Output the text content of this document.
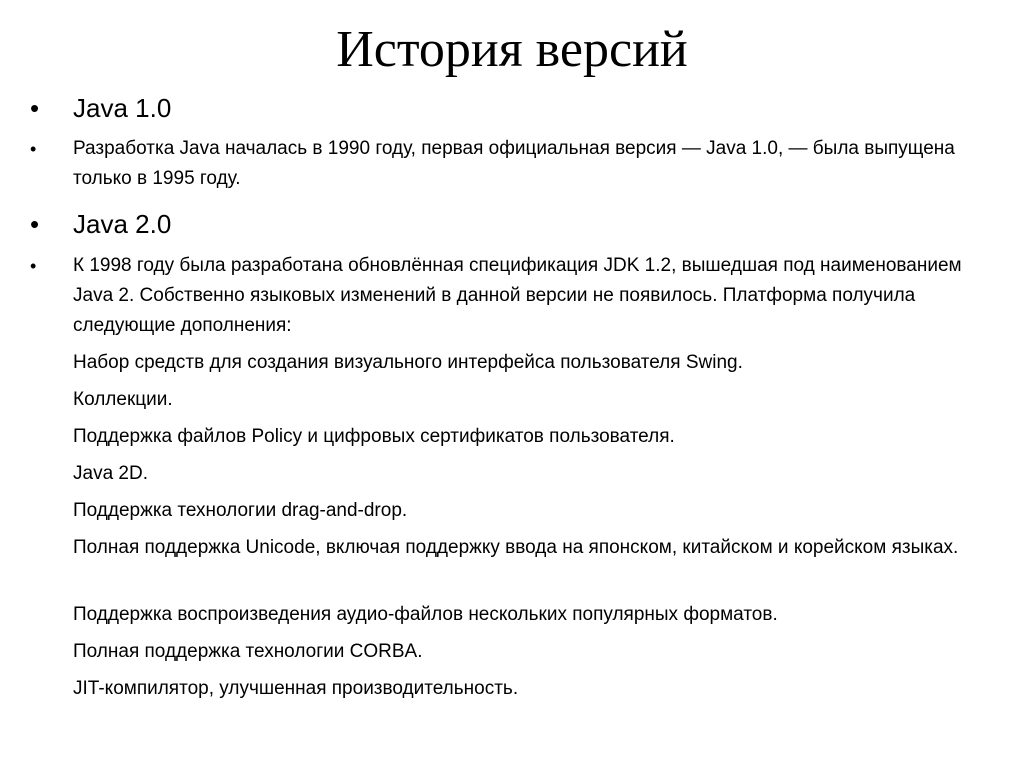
История версий
• Java 1.0
• Разработка Java началась в 1990 году, первая официальная версия — Java 1.0, — была выпущена только в 1995 году.
• Java 2.0
• К 1998 году была разработана обновлённая спецификация JDK 1.2, вышедшая под наименованием Java 2. Собственно языковых изменений в данной версии не появилось. Платформа получила следующие дополнения:
Набор средств для создания визуального интерфейса пользователя Swing.
Коллекции.
Поддержка файлов Policy и цифровых сертификатов пользователя.
Java 2D.
Поддержка технологии drag-and-drop.
Полная поддержка Unicode, включая поддержку ввода на японском, китайском и корейском языках.
Поддержка воспроизведения аудио-файлов нескольких популярных форматов.
Полная поддержка технологии CORBA.
JIT-компилятор, улучшенная производительность.
